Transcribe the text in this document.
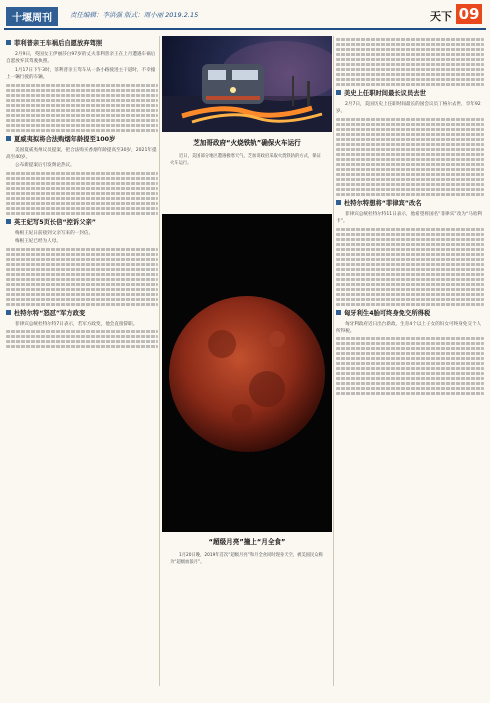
十堰周刊	责任编辑：李洪强 版式：周小丽 2019.2.15	天下 09
菲利普亲王车祸后自愿放弃驾照

2月9日，英国女王伊丽莎白97岁的丈夫菲利普亲王在上月遭遇车祸后自愿放弃其驾驶执照。

1月17日下午3时，菲利普亲王驾车从一条小路驶进主干道时，不幸撞上一辆行驶的车辆。

夏威夷拟将合法购烟年龄提至100岁

美国夏威夷州议员提案，把合法购买香烟年龄提高至30岁，2021年提高至40岁。

公布新提案后引发舆论热议。

英王妃写5页长信“控诉父亲”

梅根王妃日前接到父亲写来的一封信。

梅根王妃已经为人母。

杜特尔特“怒怼”军方政变

菲律宾总统杜特尔特7日表示，若军方政变，他会直接辞职。

芝加哥政府“火烧铁轨”确保火车运行
近日，美国部分地区遭遇极寒天气，芝加哥政府采取火烧铁轨的方式，保证火车运行。
“超级月亮”撞上“月全食”
1月20日晚，2019年首次“超级月亮”和月全食同时现身天空，被美国民众称为“超级血狼月”。
美史上任职时间最长议员去世

2月7日，美国历史上任职时间最长的国会议员丁格尔去世，享年92岁。

杜特尔特想将“菲律宾”改名

菲律宾总统杜特尔特11日表示，他希望将国名“菲律宾”改为“马哈利卡”。

匈牙利生4胎可终身免交所得税

匈牙利政府近日出台新政，生育4个以上子女的妇女可终身免交个人所得税。
